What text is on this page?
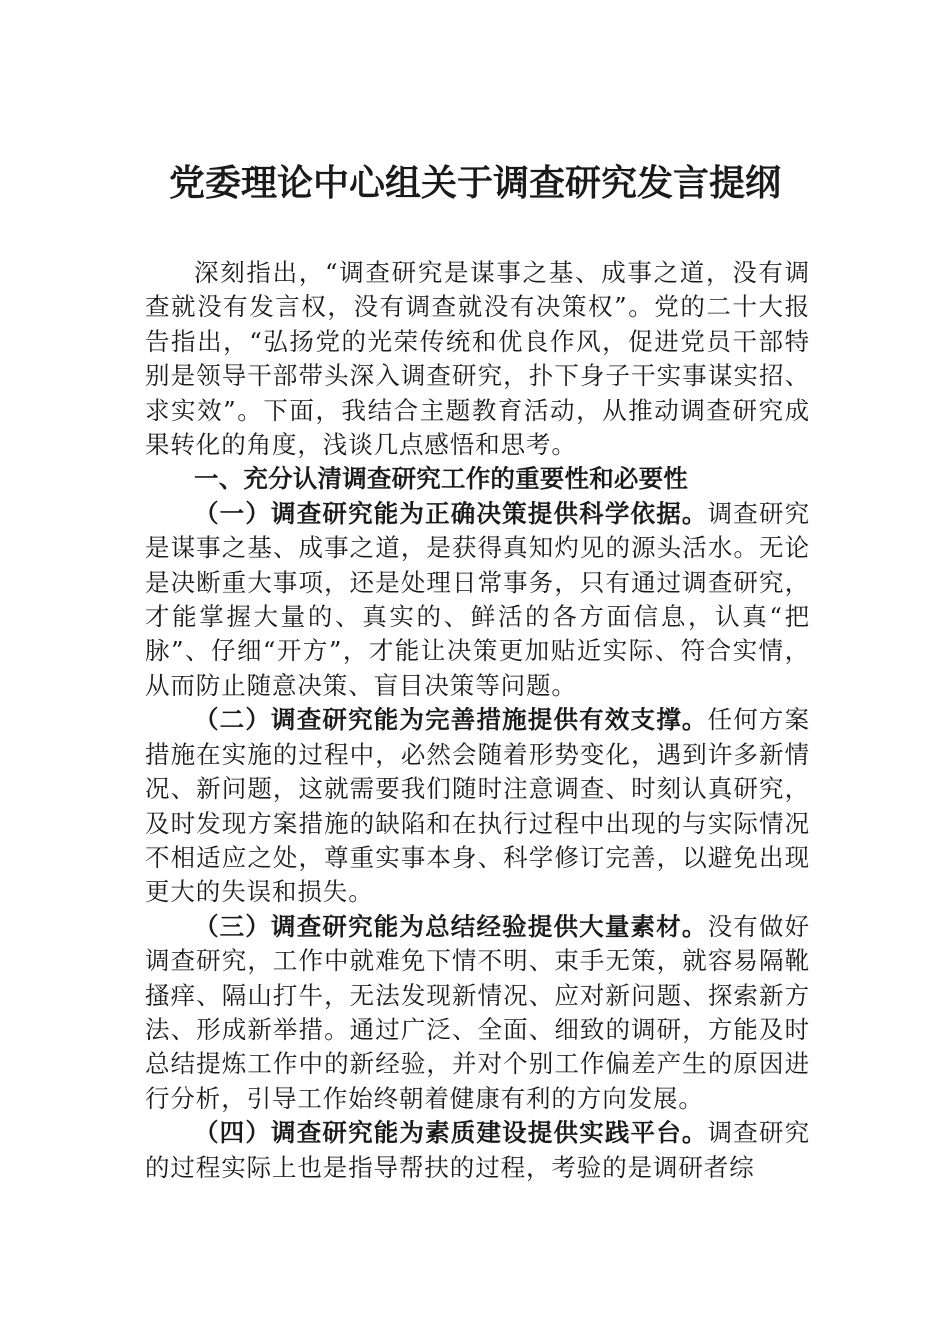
党委理论中心组关于调查研究发言提纲

深刻指出，“调查研究是谋事之基、成事之道，没有调查就没有发言权，没有调查就没有决策权”。党的二十大报告指出，“弘扬党的光荣传统和优良作风，促进党员干部特别是领导干部带头深入调查研究，扑下身子干实事谋实招、求实效”。下面，我结合主题教育活动，从推动调查研究成果转化的角度，浅谈几点感悟和思考。

一、充分认清调查研究工作的重要性和必要性

（一）调查研究能为正确决策提供科学依据。调查研究是谋事之基、成事之道，是获得真知灼见的源头活水。无论是决断重大事项，还是处理日常事务，只有通过调查研究，才能掌握大量的、真实的、鲜活的各方面信息，认真“把脉”、仔细“开方”，才能让决策更加贴近实际、符合实情，从而防止随意决策、盲目决策等问题。

（二）调查研究能为完善措施提供有效支撑。任何方案措施在实施的过程中，必然会随着形势变化，遇到许多新情况、新问题，这就需要我们随时注意调查、时刻认真研究，及时发现方案措施的缺陷和在执行过程中出现的与实际情况不相适应之处，尊重实事本身、科学修订完善，以避免出现更大的失误和损失。

（三）调查研究能为总结经验提供大量素材。没有做好调查研究，工作中就难免下情不明、束手无策，就容易隔靴搔痒、隔山打牛，无法发现新情况、应对新问题、探索新方法、形成新举措。通过广泛、全面、细致的调研，方能及时总结提炼工作中的新经验，并对个别工作偏差产生的原因进行分析，引导工作始终朝着健康有利的方向发展。

（四）调查研究能为素质建设提供实践平台。调查研究的过程实际上也是指导帮扶的过程，考验的是调研者综
